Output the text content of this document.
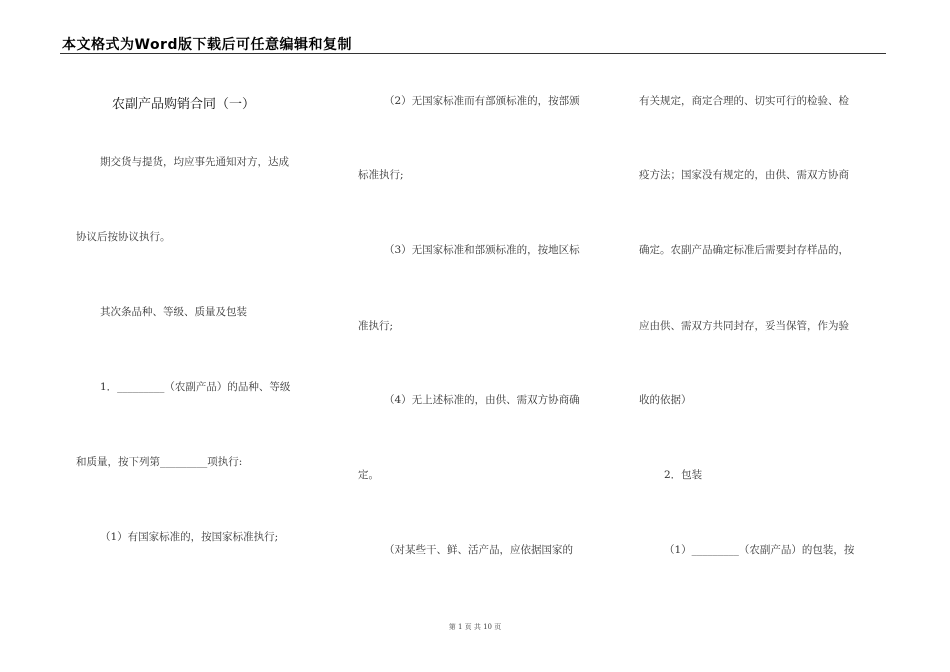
本文格式为Word版下载后可任意编辑和复制
农副产品购销合同（一）
期交货与提货，均应事先通知对方，达成
协议后按协议执行。
其次条品种、等级、质量及包装
1．_________（农副产品）的品种、等级
和质量，按下列第_________项执行:
（1）有国家标准的，按国家标准执行;
（2）无国家标准而有部颁标准的，按部颁
标准执行;
（3）无国家标准和部颁标准的，按地区标
准执行;
（4）无上述标准的，由供、需双方协商确
定。
（对某些干、鲜、活产品，应依据国家的
有关规定，商定合理的、切实可行的检验、检
疫方法；国家没有规定的，由供、需双方协商
确定。农副产品确定标准后需要封存样品的，
应由供、需双方共同封存，妥当保管，作为验
收的依据）
2．包装
（1）_________（农副产品）的包装，按
第 1 页 共 10 页
